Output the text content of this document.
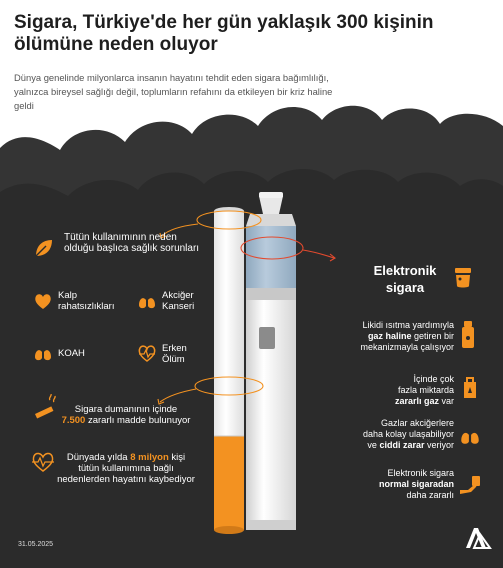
Sigara, Türkiye'de her gün yaklaşık 300 kişinin
ölümüne neden oluyor

Dünya genelinde milyonlarca insanın hayatını tehdit eden sigara bağımlılığı, yalnızca bireysel sağlığı değil, toplumların refahını da etkileyen bir kriz haline geldi

Tütün kullanımının neden olduğu başlıca sağlık sorunları
Kalp rahatsızlıkları
Akciğer Kanseri
KOAH	Erken Ölüm
Sigara dumanının içinde
7.500 zararlı madde bulunuyor
Dünyada yılda 8 milyon kişi tütün kullanımına bağlı nedenlerden hayatını kaybediyor
Elektronik
sigara
Likidi ısıtma yardımıyla
gaz haline getiren bir
mekanizmayla çalışıyor
İçinde çok
fazla miktarda
zararlı gaz var
Gazlar akciğerlere
daha kolay ulaşabiliyor
ve ciddi zarar veriyor
Elektronik sigara
normal sigaradan
daha zararlı
31.05.2025
